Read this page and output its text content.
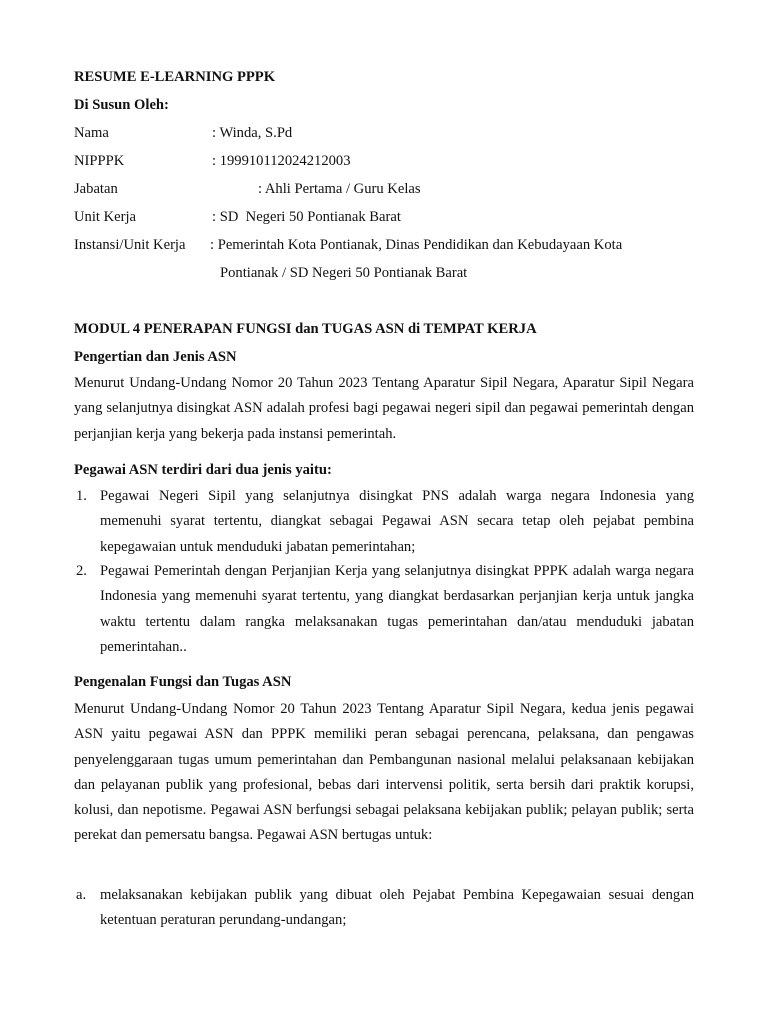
RESUME E-LEARNING PPPK
Di Susun Oleh:
Nama	: Winda, S.Pd
NIPPPK	: 199910112024212003
Jabatan	: Ahli Pertama / Guru Kelas
Unit Kerja	: SD  Negeri 50 Pontianak Barat
Instansi/Unit Kerja : Pemerintah Kota Pontianak, Dinas Pendidikan dan Kebudayaan Kota
Pontianak / SD Negeri 50 Pontianak Barat
MODUL 4 PENERAPAN FUNGSI dan TUGAS ASN di TEMPAT KERJA
Pengertian dan Jenis ASN
Menurut Undang-Undang Nomor 20 Tahun 2023 Tentang Aparatur Sipil Negara, Aparatur Sipil Negara yang selanjutnya disingkat ASN adalah profesi bagi pegawai negeri sipil dan pegawai pemerintah dengan perjanjian kerja yang bekerja pada instansi pemerintah.
Pegawai ASN terdiri dari dua jenis yaitu:
1. Pegawai Negeri Sipil yang selanjutnya disingkat PNS adalah warga negara Indonesia yang memenuhi syarat tertentu, diangkat sebagai Pegawai ASN secara tetap oleh pejabat pembina kepegawaian untuk menduduki jabatan pemerintahan;
2. Pegawai Pemerintah dengan Perjanjian Kerja yang selanjutnya disingkat PPPK adalah warga negara Indonesia yang memenuhi syarat tertentu, yang diangkat berdasarkan perjanjian kerja untuk jangka waktu tertentu dalam rangka melaksanakan tugas pemerintahan dan/atau menduduki jabatan pemerintahan..
Pengenalan Fungsi dan Tugas ASN
Menurut Undang-Undang Nomor 20 Tahun 2023 Tentang Aparatur Sipil Negara, kedua jenis pegawai ASN yaitu pegawai ASN dan PPPK memiliki peran sebagai perencana, pelaksana, dan pengawas penyelenggaraan tugas umum pemerintahan dan Pembangunan nasional melalui pelaksanaan kebijakan dan pelayanan publik yang profesional, bebas dari intervensi politik, serta bersih dari praktik korupsi, kolusi, dan nepotisme. Pegawai ASN berfungsi sebagai pelaksana kebijakan publik; pelayan publik; serta perekat dan pemersatu bangsa. Pegawai ASN bertugas untuk:
a. melaksanakan kebijakan publik yang dibuat oleh Pejabat Pembina Kepegawaian sesuai dengan ketentuan peraturan perundang-undangan;
